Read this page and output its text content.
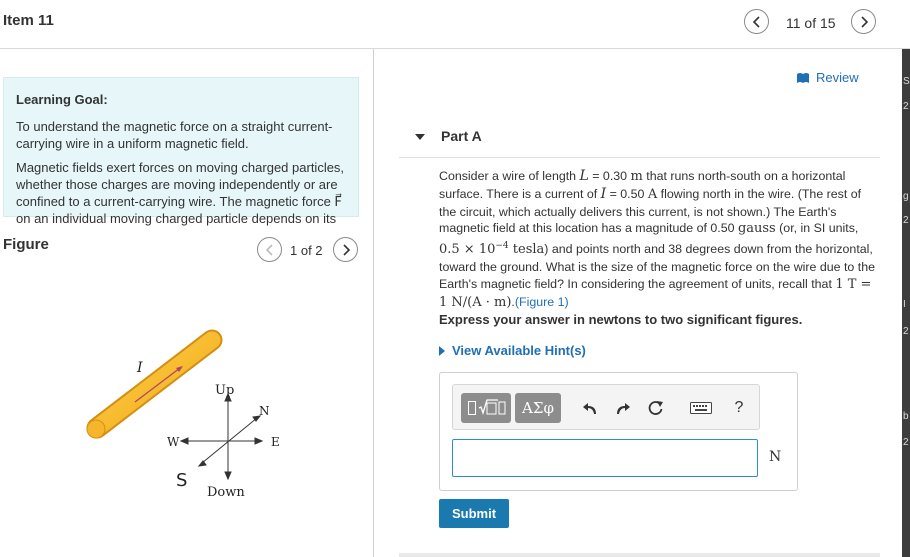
Item 11	11 of 15
S
2
g
2
I
2
b
2
Learning Goal:

To understand the magnetic force on a straight current-carrying wire in a uniform magnetic field.

Magnetic fields exert forces on moving charged particles, whether those charges are moving independently or are confined to a current-carrying wire. The magnetic force F⃗ on an individual moving charged particle depends on its

Figure	1 of 2
I
Up
Down
N
E
W
S
Review
Part A
Consider a wire of length L = 0.30 m that runs north-south on a horizontal surface. There is a current of I = 0.50 A flowing north in the wire. (The rest of the circuit, which actually delivers this current, is not shown.) The Earth's magnetic field at this location has a magnitude of 0.50 gauss (or, in SI units, $0.5 \times 10^{-4}$ tesla) and points north and 38 degrees down from the horizontal, toward the ground. What is the size of the magnetic force on the wire due to the Earth's magnetic field? In considering the agreement of units, recall that 1 T = 1 N/(A · m).(Figure 1)
Express your answer in newtons to two significant figures.
View Available Hint(s)
ΑΣφ	?
N
Submit
